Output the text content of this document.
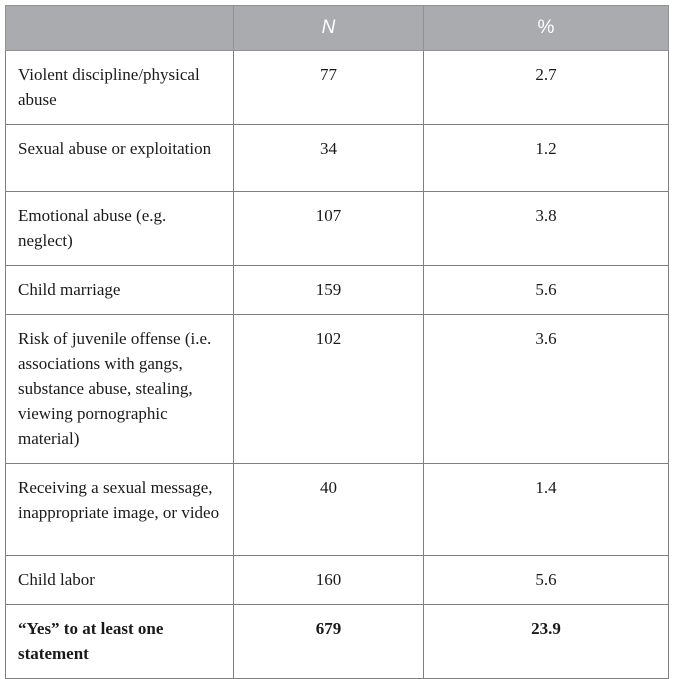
	N	%
Violent discipline/physical abuse	77	2.7
Sexual abuse or exploitation	34	1.2
Emotional abuse (e.g. neglect)	107	3.8
Child marriage	159	5.6
Risk of juvenile offense (i.e. associations with gangs, substance abuse, stealing, viewing pornographic material)	102	3.6
Receiving a sexual message, inappropriate image, or video	40	1.4
Child labor	160	5.6
“Yes” to at least one statement	679	23.9
